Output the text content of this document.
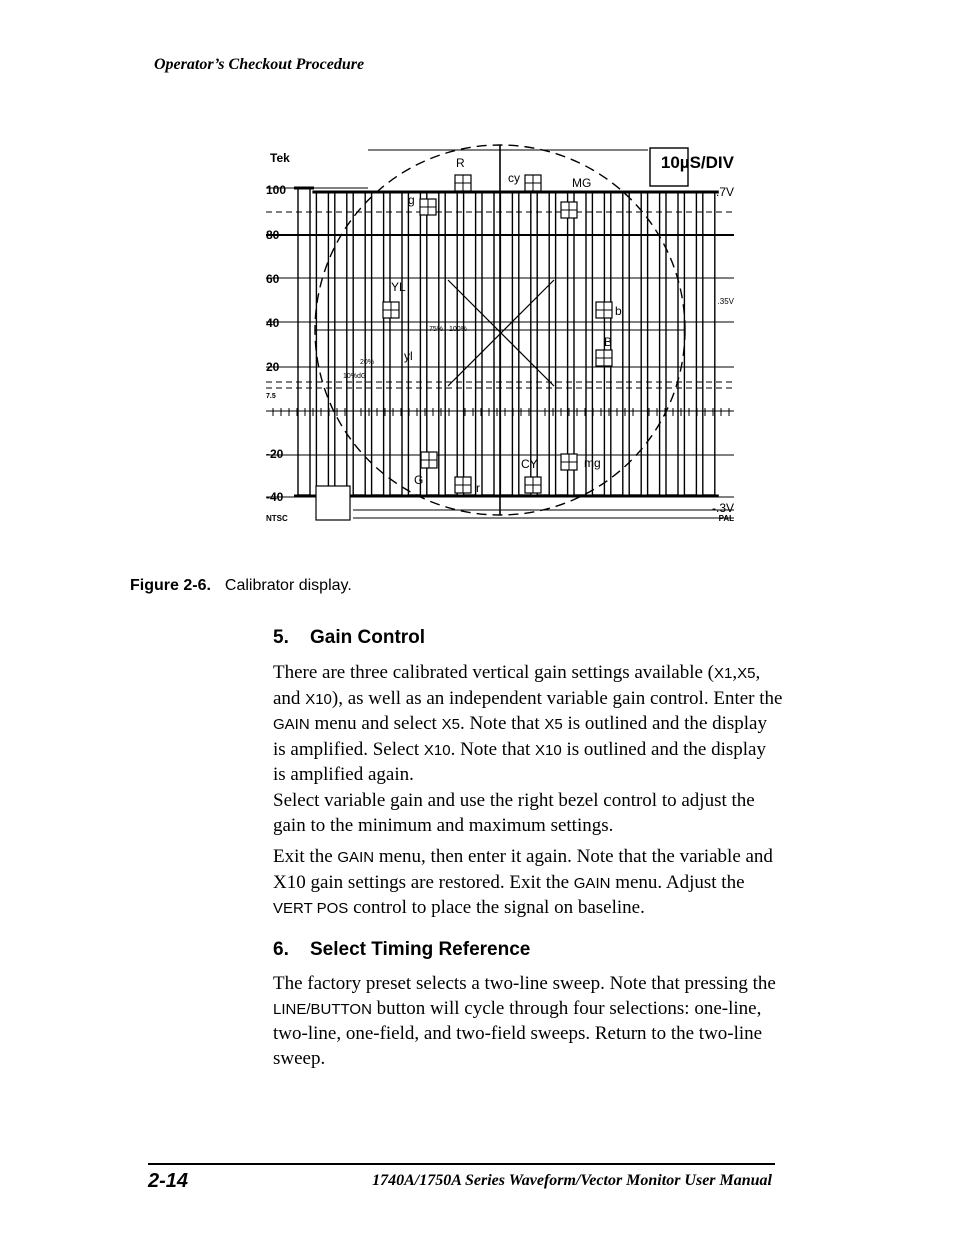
Operator’s Checkout Procedure
Tek	10µS/DIV
100
80
60
40
20
7.5
-20
-40
.7V
.35V
-.3V
R
cy	MG
g
YL
yl
b
B
G
r
CY	mg
75% 100%
20%
10%dG
NTSC	PAL
Figure 2-6. Calibrator display.
5. Gain Control
There are three calibrated vertical gain settings available (X1,X5, and X10), as well as an independent variable gain control. Enter the GAIN menu and select X5. Note that X5 is outlined and the display is amplified. Select X10. Note that X10 is outlined and the display is amplified again.
Select variable gain and use the right bezel control to adjust the gain to the minimum and maximum settings.
Exit the GAIN menu, then enter it again. Note that the variable and X10 gain settings are restored. Exit the GAIN menu. Adjust the VERT POS control to place the signal on baseline.
6. Select Timing Reference
The factory preset selects a two-line sweep. Note that pressing the LINE/BUTTON button will cycle through four selections: one-line, two-line, one-field, and two-field sweeps. Return to the two-line sweep.
2-14	1740A/1750A Series Waveform/Vector Monitor User Manual
